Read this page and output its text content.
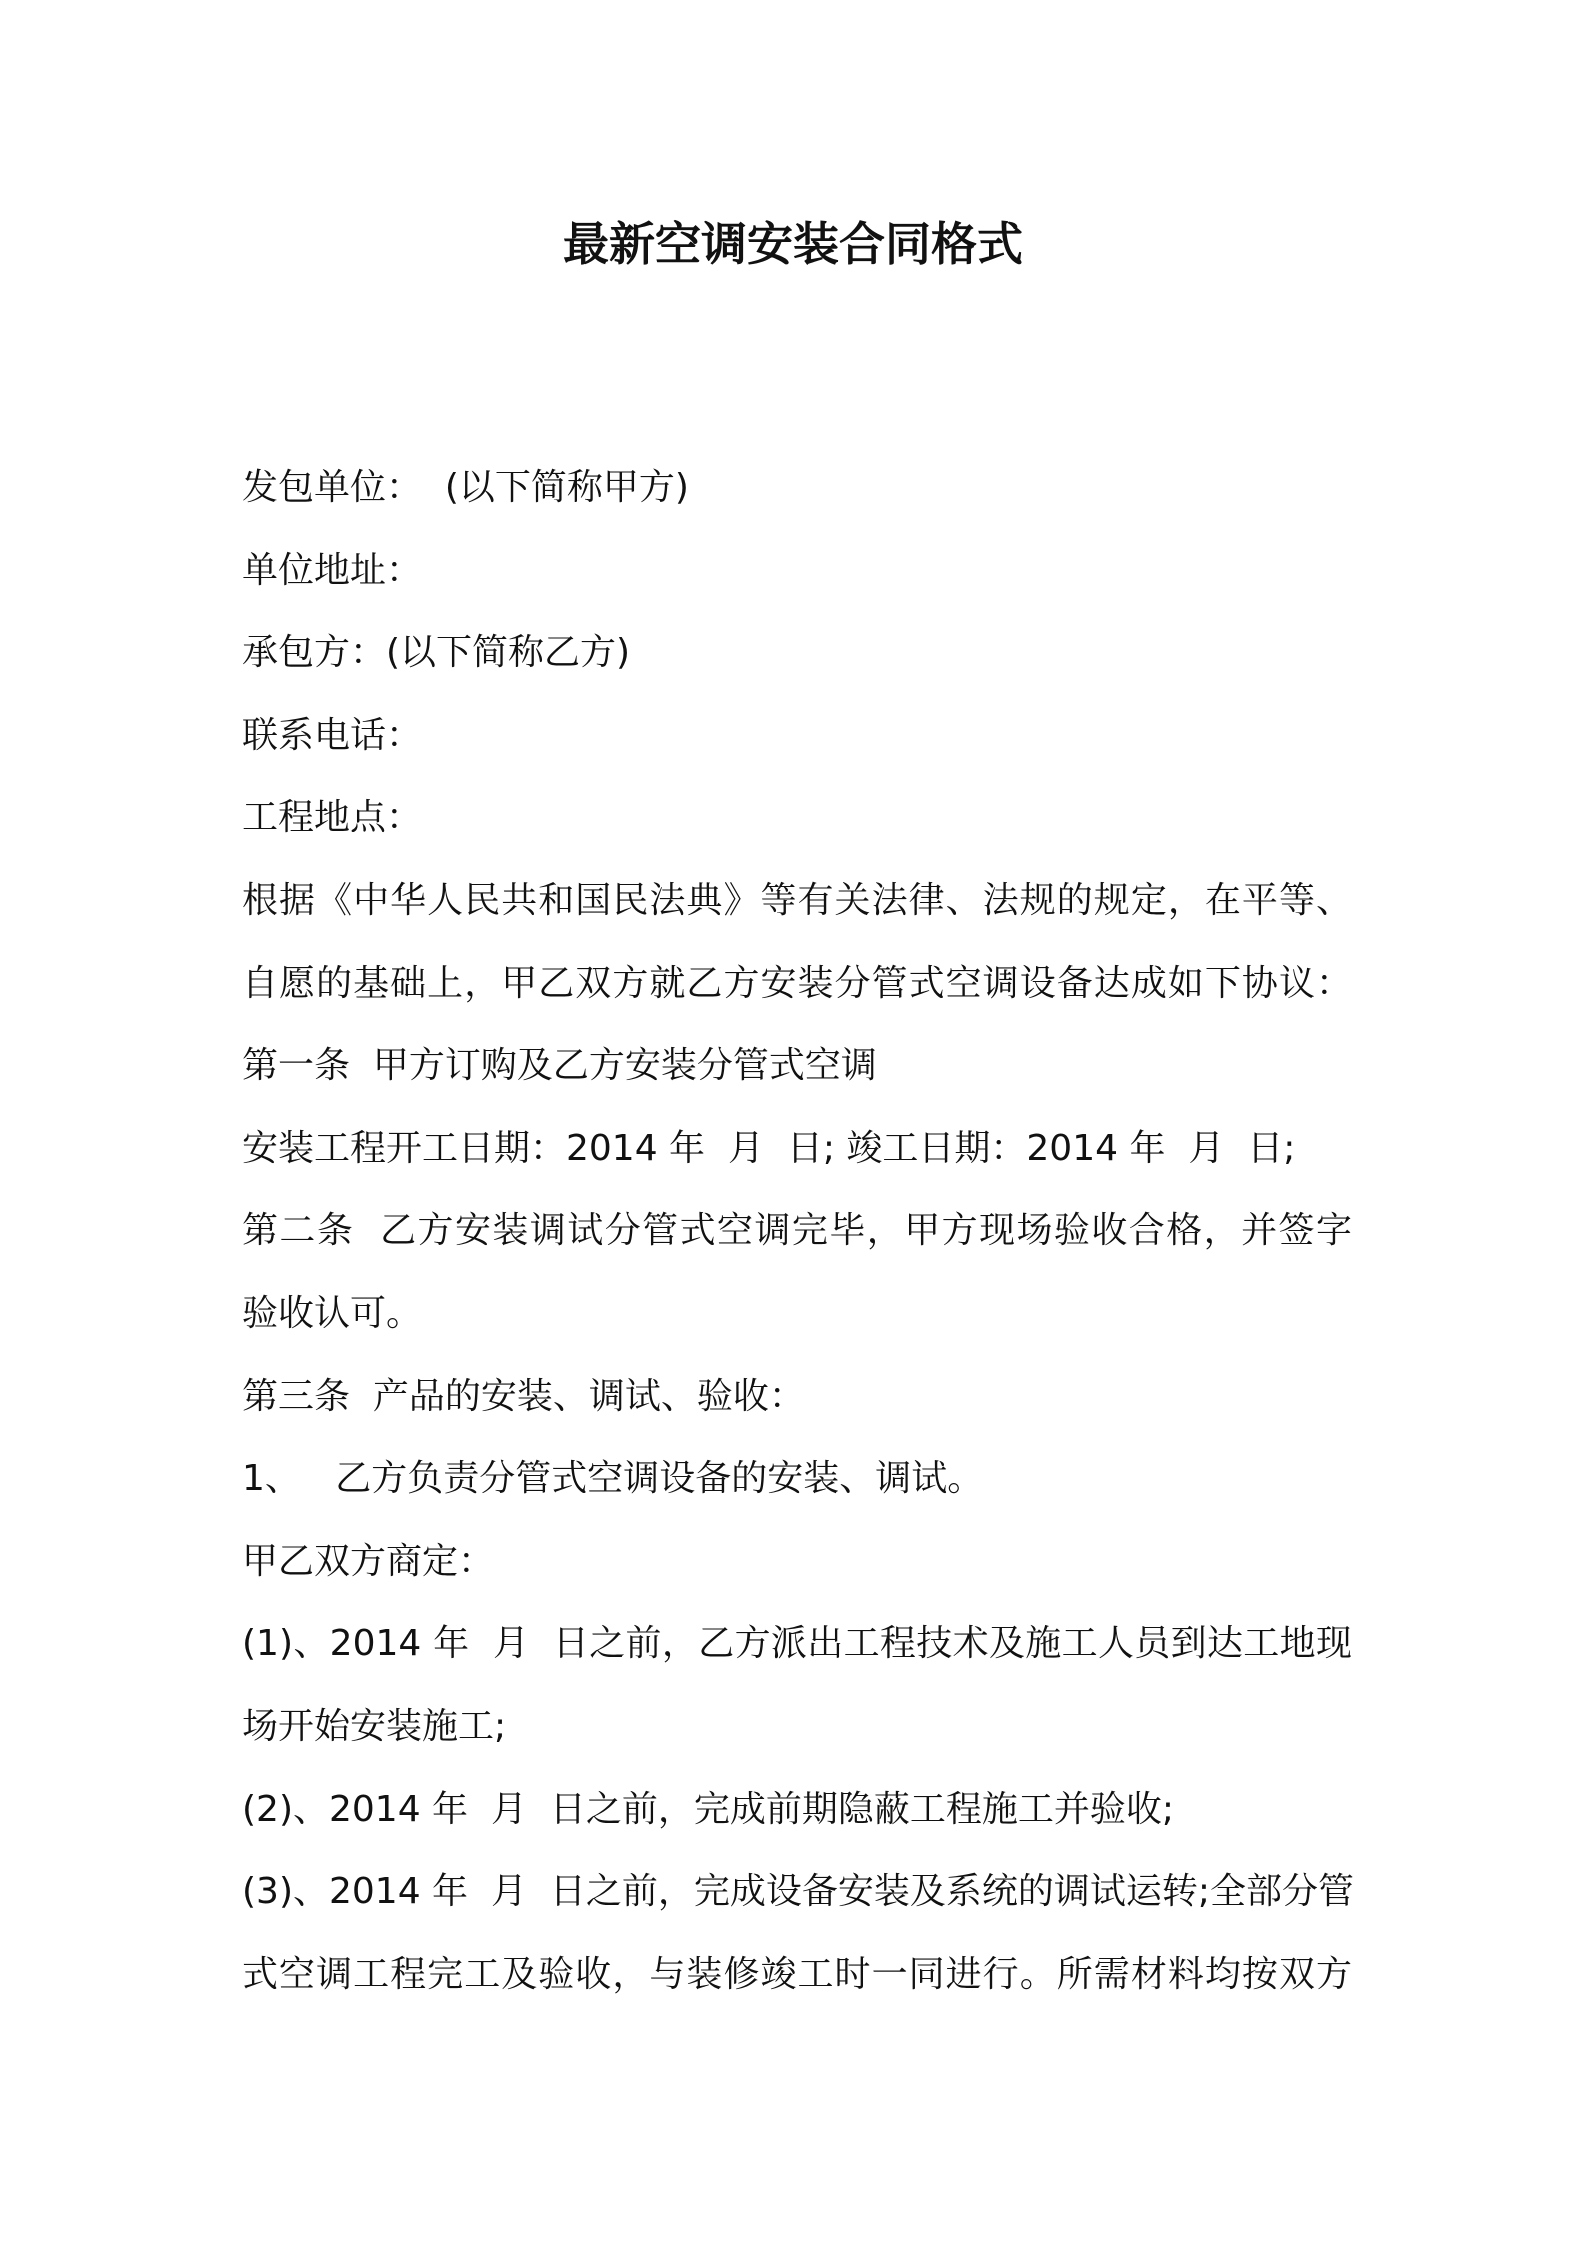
最新空调安装合同格式
发包单位：  (以下简称甲方)
单位地址：
承包方：(以下简称乙方)
联系电话：
工程地点：
根据《中华人民共和国民法典》等有关法律、法规的规定，在平等、
自愿的基础上，甲乙双方就乙方安装分管式空调设备达成如下协议：
第一条  甲方订购及乙方安装分管式空调
安装工程开工日期：2014 年  月  日; 竣工日期：2014 年  月  日;
第二条  乙方安装调试分管式空调完毕，甲方现场验收合格，并签字
验收认可。
第三条  产品的安装、调试、验收：
1、   乙方负责分管式空调设备的安装、调试。
甲乙双方商定：
(1)、2014 年  月  日之前，乙方派出工程技术及施工人员到达工地现
场开始安装施工;
(2)、2014 年  月  日之前，完成前期隐蔽工程施工并验收;
(3)、2014 年  月  日之前，完成设备安装及系统的调试运转;全部分管
式空调工程完工及验收，与装修竣工时一同进行。所需材料均按双方
